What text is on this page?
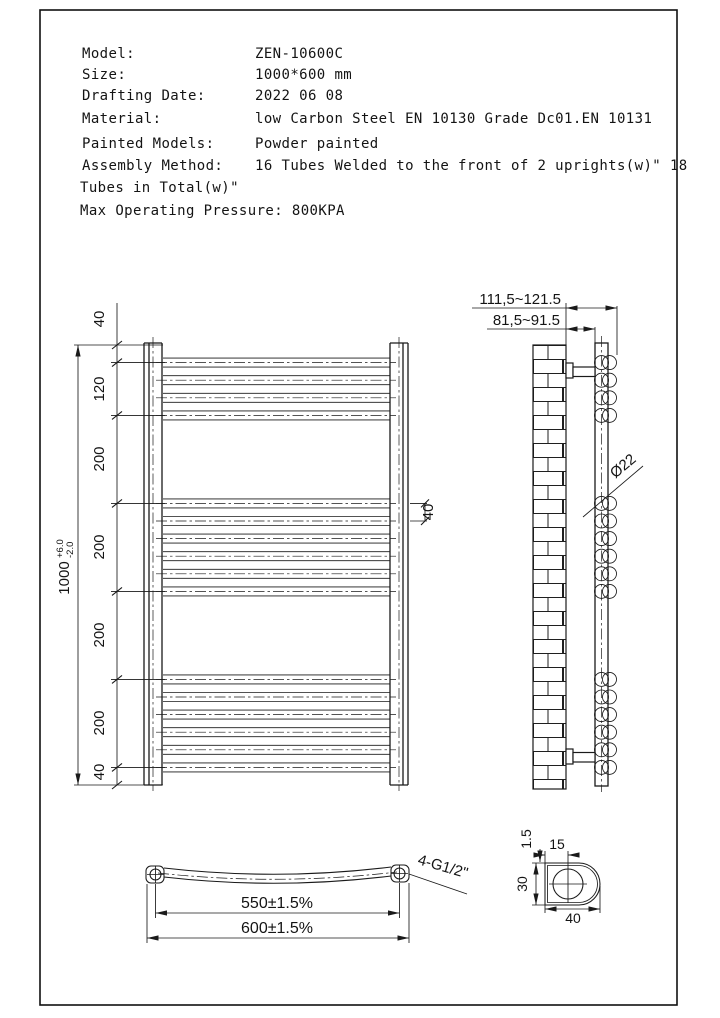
Model:	ZEN-10600C
Size:	1000*600 mm
Drafting Date:	2022 06 08
Material:	low Carbon Steel EN 10130 Grade Dc01.EN 10131
Painted Models:	Powder painted
Assembly Method: 16 Tubes Welded to the front of 2 uprights(w)" 18
Tubes in Total(w)"
Max Operating Pressure: 800KPA
40
120
200
200
200
200
40
1000
+6.0 -2.0
40
111,5~121.5
81,5~91.5
Ø22
550±1.5%
600±1.5%
4-G1/2"
1.5 15
30
40
